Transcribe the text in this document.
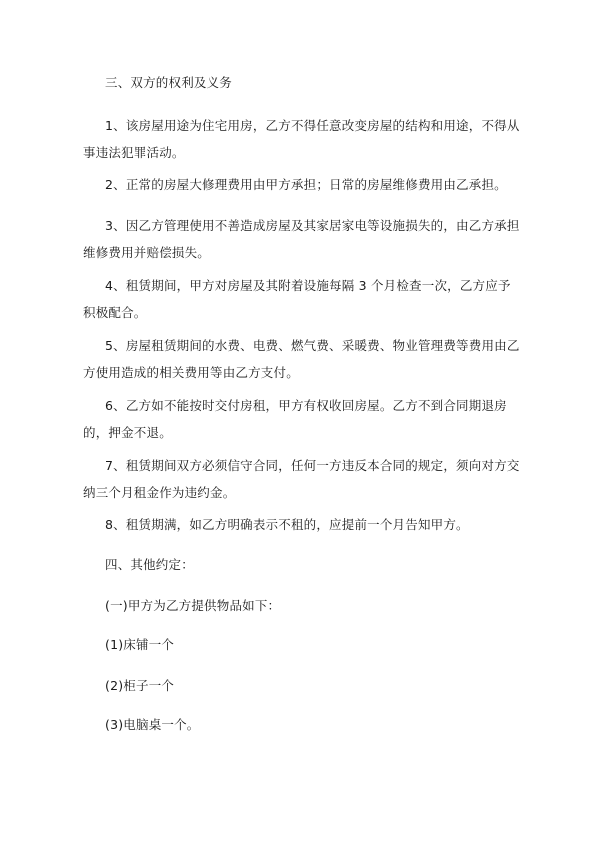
三、双方的权利及义务

1、该房屋用途为住宅用房，乙方不得任意改变房屋的结构和用途，不得从事违法犯罪活动。

2、正常的房屋大修理费用由甲方承担；日常的房屋维修费用由乙承担。

3、因乙方管理使用不善造成房屋及其家居家电等设施损失的，由乙方承担维修费用并赔偿损失。

4、租赁期间，甲方对房屋及其附着设施每隔 3 个月检查一次，乙方应予积极配合。

5、房屋租赁期间的水费、电费、燃气费、采暖费、物业管理费等费用由乙方使用造成的相关费用等由乙方支付。

6、乙方如不能按时交付房租，甲方有权收回房屋。乙方不到合同期退房的，押金不退。

7、租赁期间双方必须信守合同，任何一方违反本合同的规定，须向对方交纳三个月租金作为违约金。

8、租赁期满，如乙方明确表示不租的，应提前一个月告知甲方。

四、其他约定：

(一)甲方为乙方提供物品如下：

(1)床铺一个

(2)柜子一个

(3)电脑桌一个。
